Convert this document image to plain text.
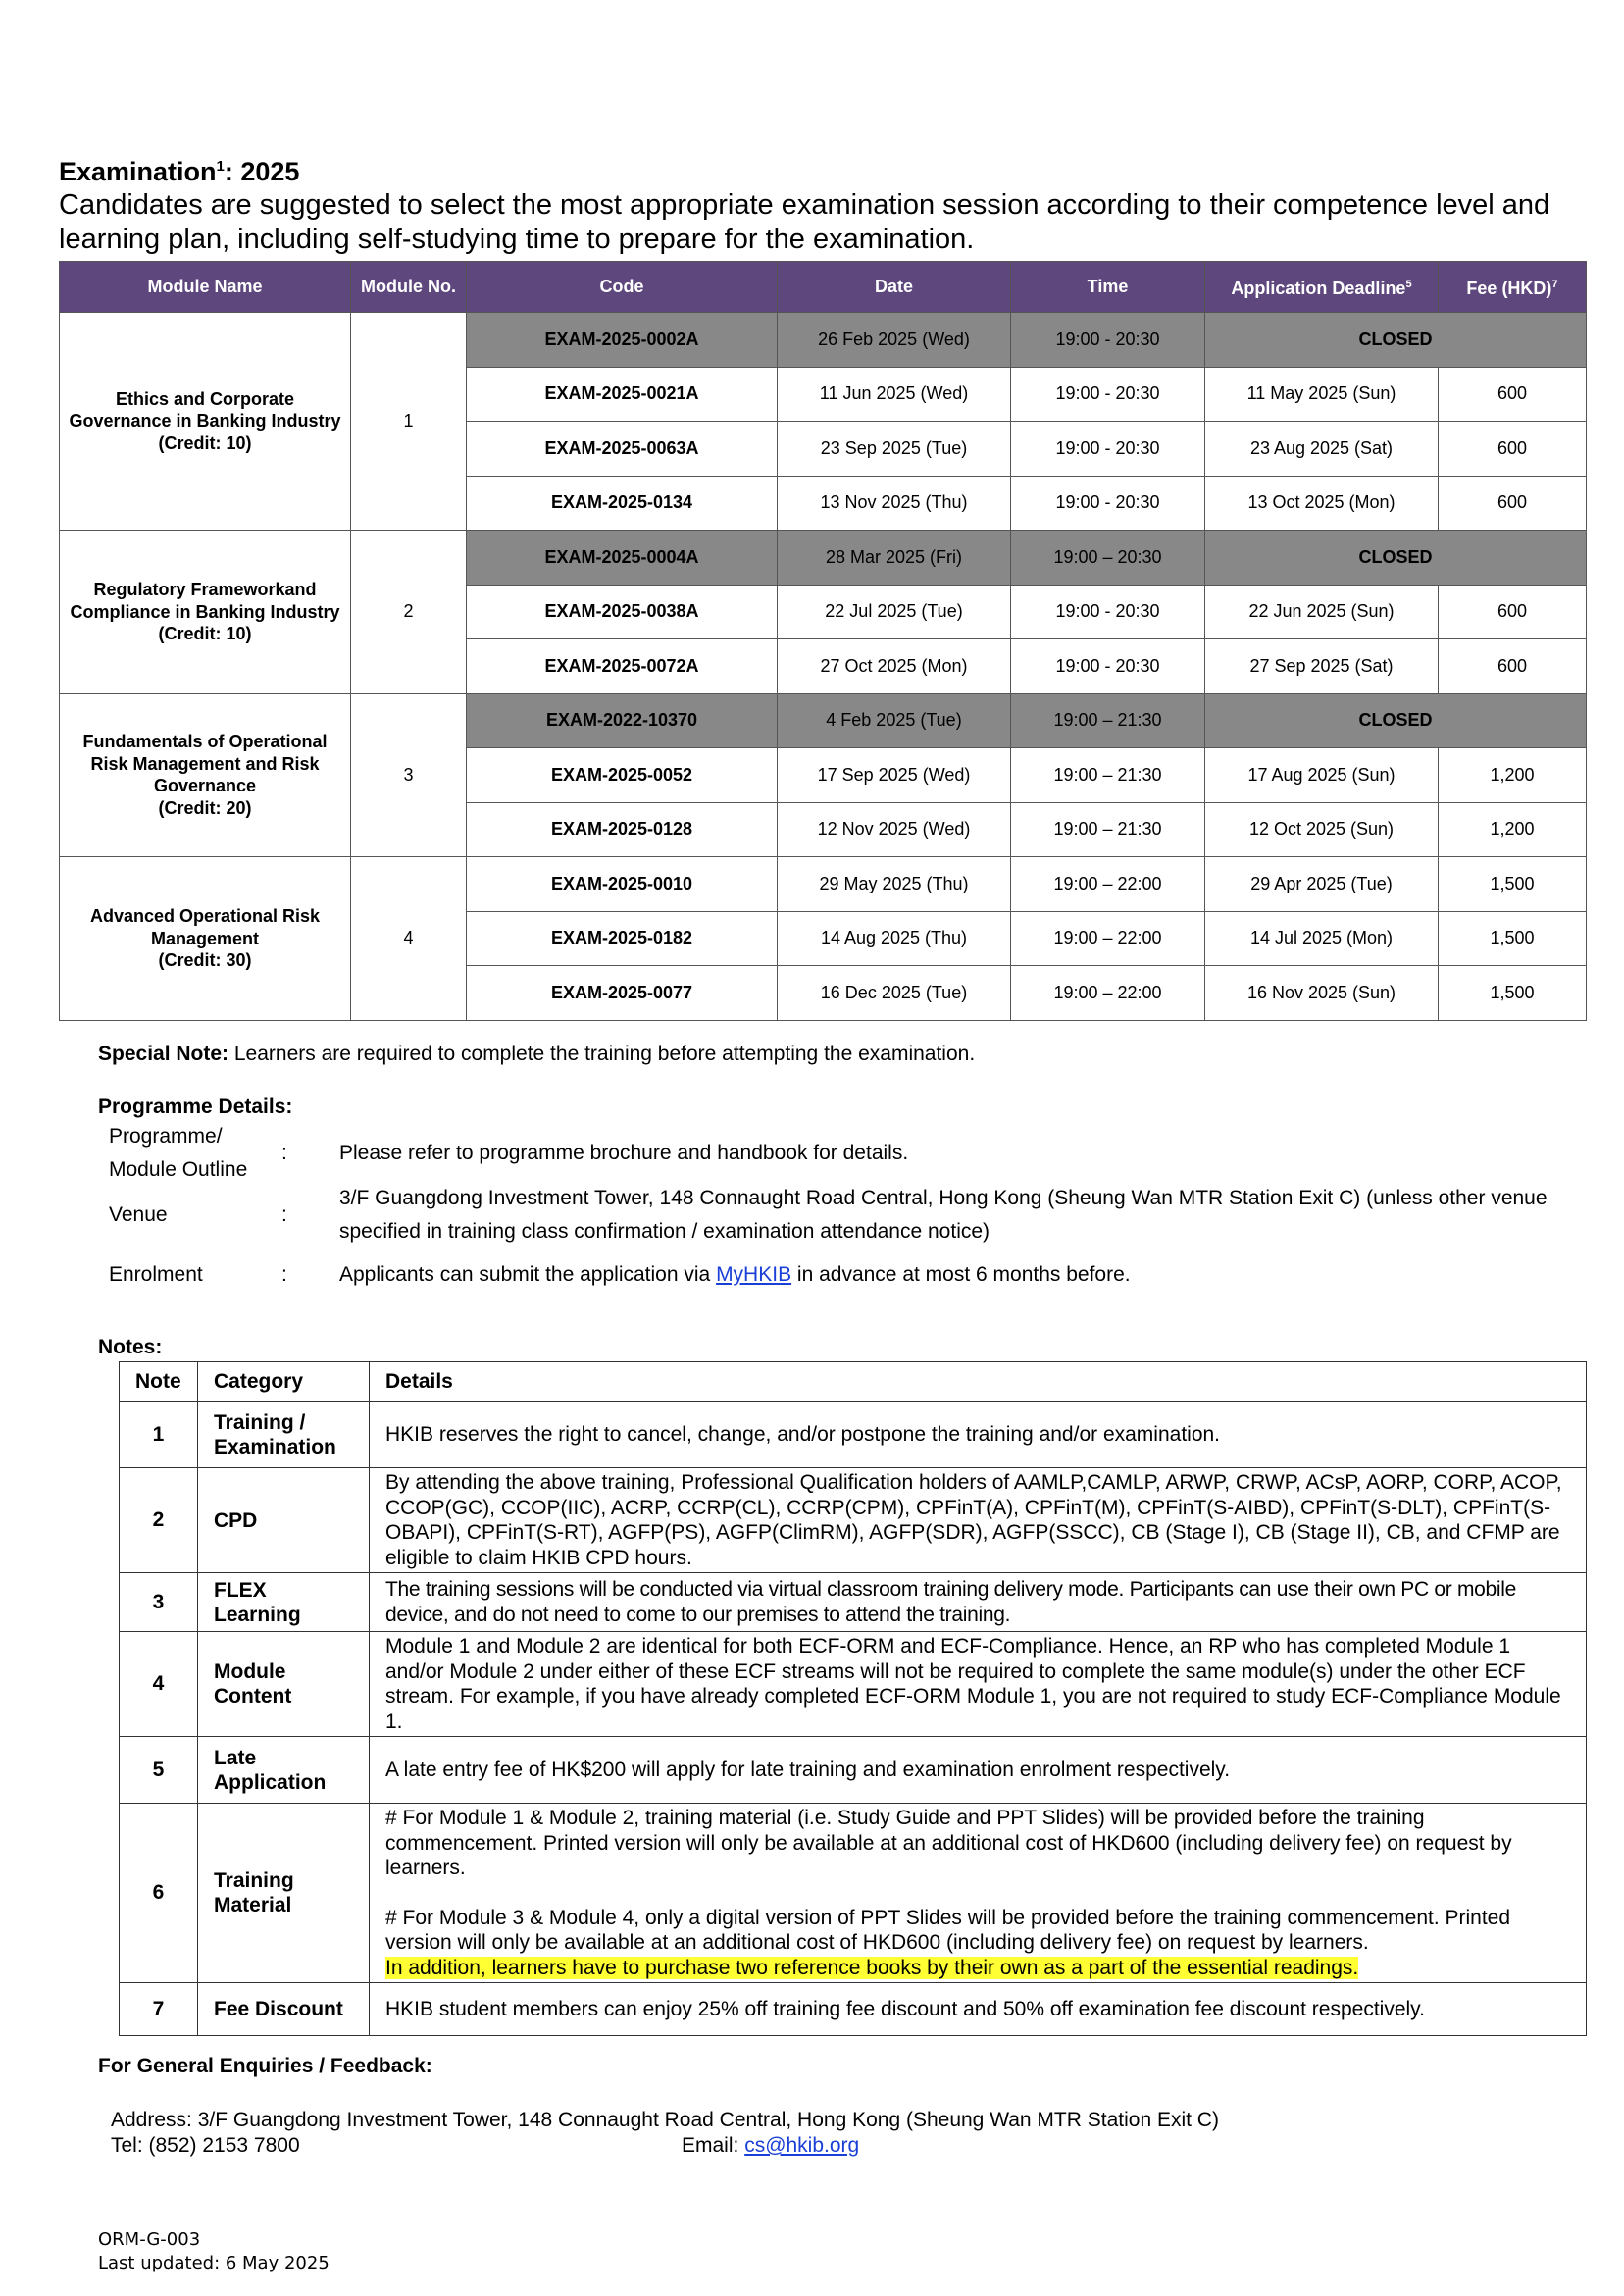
Examination$^1$: 2025
Candidates are suggested to select the most appropriate examination session according to their competence level and learning plan, including self-studying time to prepare for the examination.
Module Name	Module No.	Code	Date	Time	Application Deadline$^5$	Fee (HKD)$^7$

Ethics and Corporate Governance in Banking Industry
(Credit: 10)	1	EXAM-2025-0002A	26 Feb 2025 (Wed)	19:00 - 20:30	CLOSED	
		EXAM-2025-0021A	11 Jun 2025 (Wed)	19:00 - 20:30	11 May 2025 (Sun)	600
		EXAM-2025-0063A	23 Sep 2025 (Tue)	19:00 - 20:30	23 Aug 2025 (Sat)	600
		EXAM-2025-0134	13 Nov 2025 (Thu)	19:00 - 20:30	13 Oct 2025 (Mon)	600

Regulatory Frameworkand Compliance in Banking Industry
(Credit: 10)	2	EXAM-2025-0004A	28 Mar 2025 (Fri)	19:00 – 20:30	CLOSED	
		EXAM-2025-0038A	22 Jul 2025 (Tue)	19:00 - 20:30	22 Jun 2025 (Sun)	600
		EXAM-2025-0072A	27 Oct 2025 (Mon)	19:00 - 20:30	27 Sep 2025 (Sat)	600

Fundamentals of Operational Risk Management and Risk Governance
(Credit: 20)	3	EXAM-2022-10370	4 Feb 2025 (Tue)	19:00 – 21:30	CLOSED	
		EXAM-2025-0052	17 Sep 2025 (Wed)	19:00 – 21:30	17 Aug 2025 (Sun)	1,200
		EXAM-2025-0128	12 Nov 2025 (Wed)	19:00 – 21:30	12 Oct 2025 (Sun)	1,200

Advanced Operational Risk Management
(Credit: 30)	4	EXAM-2025-0010	29 May 2025 (Thu)	19:00 – 22:00	29 Apr 2025 (Tue)	1,500
		EXAM-2025-0182	14 Aug 2025 (Thu)	19:00 – 22:00	14 Jul 2025 (Mon)	1,500
		EXAM-2025-0077	16 Dec 2025 (Tue)	19:00 – 22:00	16 Nov 2025 (Sun)	1,500
Special Note: Learners are required to complete the training before attempting the examination.
Programme Details:
Programme/
Module Outline
:	Please refer to programme brochure and handbook for details.
Venue	:
3/F Guangdong Investment Tower, 148 Connaught Road Central, Hong Kong (Sheung Wan MTR Station Exit C) (unless other venue specified in training class confirmation / examination attendance notice)
Enrolment	:	Applicants can submit the application via MyHKIB in advance at most 6 months before.
Notes:
Note	Category	Details
1	Training / Examination	HKIB reserves the right to cancel, change, and/or postpone the training and/or examination.
2	CPD	By attending the above training, Professional Qualification holders of AAMLP,CAMLP, ARWP, CRWP, ACsP, AORP, CORP, ACOP, CCOP(GC), CCOP(IIC), ACRP, CCRP(CL), CCRP(CPM), CPFinT(A), CPFinT(M), CPFinT(S-AIBD), CPFinT(S-DLT), CPFinT(S-OBAPI), CPFinT(S-RT), AGFP(PS), AGFP(ClimRM), AGFP(SDR), AGFP(SSCC), CB (Stage I), CB (Stage II), CB, and CFMP are eligible to claim HKIB CPD hours.
3	FLEX Learning	The training sessions will be conducted via virtual classroom training delivery mode. Participants can use their own PC or mobile device, and do not need to come to our premises to attend the training.
4	Module Content	Module 1 and Module 2 are identical for both ECF-ORM and ECF-Compliance. Hence, an RP who has completed Module 1 and/or Module 2 under either of these ECF streams will not be required to complete the same module(s) under the other ECF stream. For example, if you have already completed ECF-ORM Module 1, you are not required to study ECF-Compliance Module 1.
5	Late Application	A late entry fee of HK$200 will apply for late training and examination enrolment respectively.
6	Training Material	# For Module 1 & Module 2, training material (i.e. Study Guide and PPT Slides) will be provided before the training commencement. Printed version will only be available at an additional cost of HKD600 (including delivery fee) on request by learners.
# For Module 3 & Module 4, only a digital version of PPT Slides will be provided before the training commencement. Printed version will only be available at an additional cost of HKD600 (including delivery fee) on request by learners.
In addition, learners have to purchase two reference books by their own as a part of the essential readings.
7	Fee Discount	HKIB student members can enjoy 25% off training fee discount and 50% off examination fee discount respectively.
For General Enquiries / Feedback:
Address: 3/F Guangdong Investment Tower, 148 Connaught Road Central, Hong Kong (Sheung Wan MTR Station Exit C)
Tel: (852) 2153 7800	Email: cs@hkib.org
ORM-G-003
Last updated: 6 May 2025
